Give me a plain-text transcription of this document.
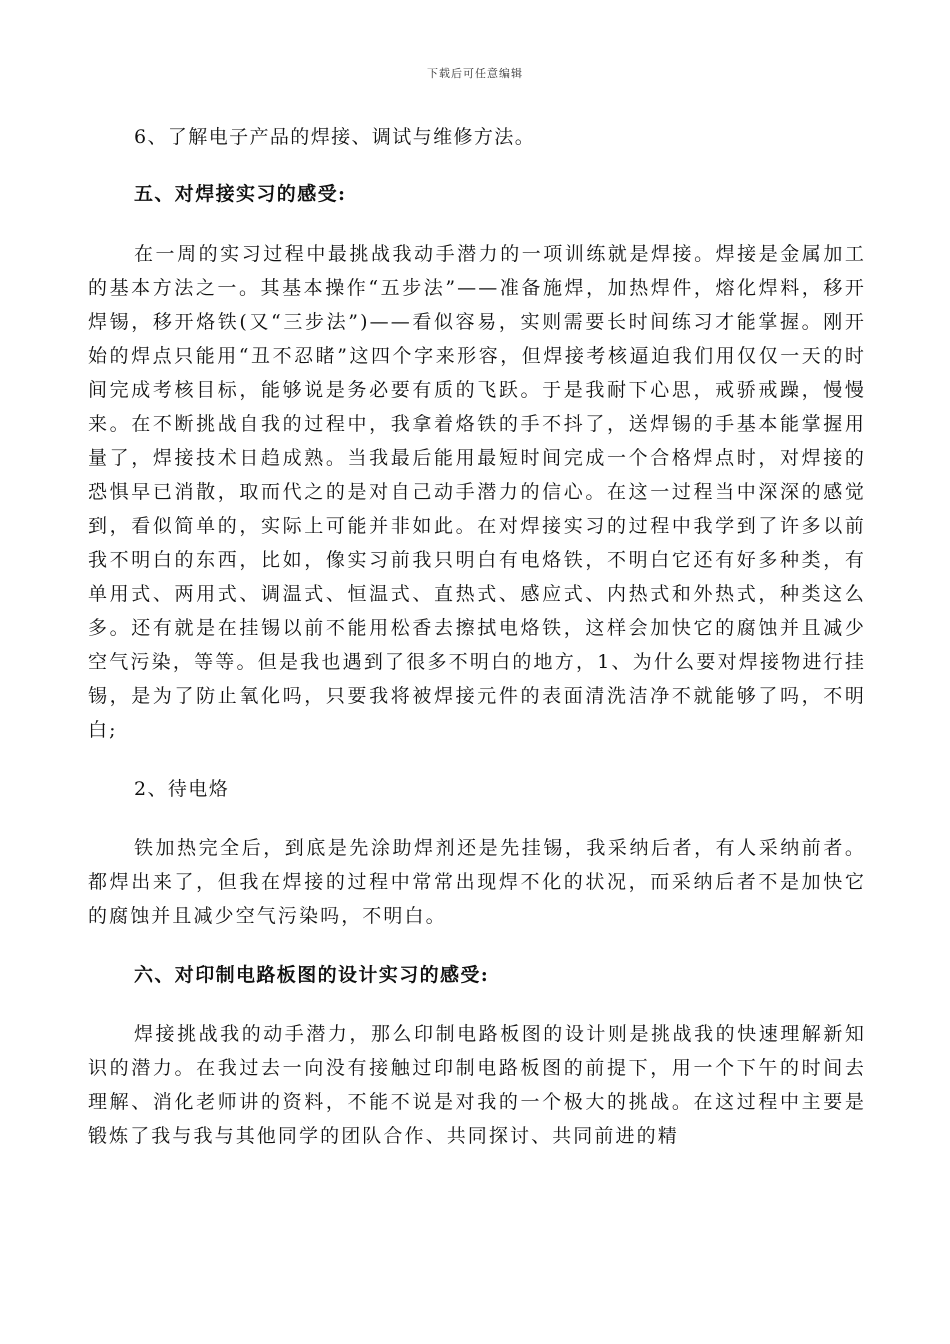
下载后可任意编辑

6、了解电子产品的焊接、调试与维修方法。

五、对焊接实习的感受:

在一周的实习过程中最挑战我动手潜力的一项训练就是焊接。焊接是金属加工的基本方法之一。其基本操作“五步法”——准备施焊，加热焊件，熔化焊料，移开焊锡，移开烙铁(又“三步法”)——看似容易，实则需要长时间练习才能掌握。刚开始的焊点只能用“丑不忍睹”这四个字来形容，但焊接考核逼迫我们用仅仅一天的时间完成考核目标，能够说是务必要有质的飞跃。于是我耐下心思，戒骄戒躁，慢慢来。在不断挑战自我的过程中，我拿着烙铁的手不抖了，送焊锡的手基本能掌握用量了，焊接技术日趋成熟。当我最后能用最短时间完成一个合格焊点时，对焊接的恐惧早已消散，取而代之的是对自己动手潜力的信心。在这一过程当中深深的感觉到，看似简单的，实际上可能并非如此。在对焊接实习的过程中我学到了许多以前我不明白的东西，比如，像实习前我只明白有电烙铁，不明白它还有好多种类，有单用式、两用式、调温式、恒温式、直热式、感应式、内热式和外热式，种类这么多。还有就是在挂锡以前不能用松香去擦拭电烙铁，这样会加快它的腐蚀并且减少空气污染，等等。但是我也遇到了很多不明白的地方，1、为什么要对焊接物进行挂锡，是为了防止氧化吗，只要我将被焊接元件的表面清洗洁净不就能够了吗，不明白;

2、待电烙

铁加热完全后，到底是先涂助焊剂还是先挂锡，我采纳后者，有人采纳前者。都焊出来了，但我在焊接的过程中常常出现焊不化的状况，而采纳后者不是加快它的腐蚀并且减少空气污染吗，不明白。

六、对印制电路板图的设计实习的感受:

焊接挑战我的动手潜力，那么印制电路板图的设计则是挑战我的快速理解新知识的潜力。在我过去一向没有接触过印制电路板图的前提下，用一个下午的时间去理解、消化老师讲的资料，不能不说是对我的一个极大的挑战。在这过程中主要是锻炼了我与我与其他同学的团队合作、共同探讨、共同前进的精
